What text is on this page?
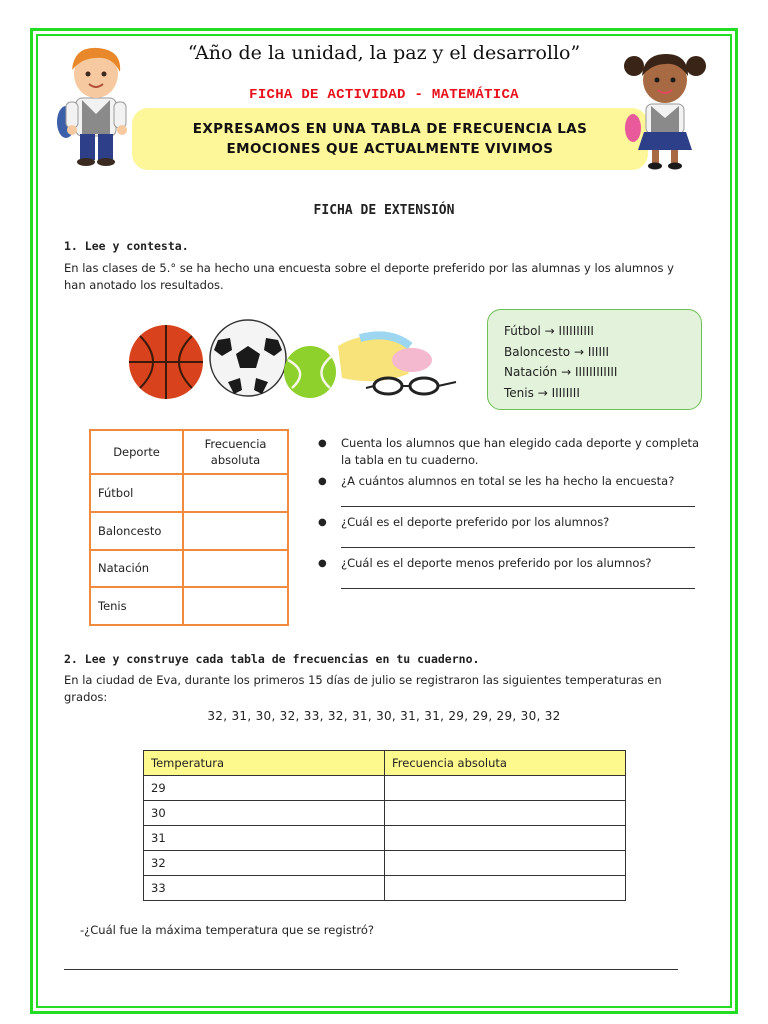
“Año de la unidad, la paz y el desarrollo”
FICHA DE ACTIVIDAD - MATEMÁTICA
EXPRESAMOS EN UNA TABLA DE FRECUENCIA LAS
EMOCIONES QUE ACTUALMENTE VIVIMOS
FICHA DE EXTENSIÓN
1. Lee y contesta.
En las clases de 5.° se ha hecho una encuesta sobre el deporte preferido por las alumnas y los alumnos y han anotado los resultados.
Fútbol → IIIIIIIIII
Baloncesto → IIIIII
Natación → IIIIIIIIIIII
Tenis → IIIIIIII
Deporte	Frecuencia absoluta
Fútbol	
Baloncesto	
Natación	
Tenis	
● Cuenta los alumnos que han elegido cada deporte y completa la tabla en tu cuaderno.
● ¿A cuántos alumnos en total se les ha hecho la encuesta?
● ¿Cuál es el deporte preferido por los alumnos?
● ¿Cuál es el deporte menos preferido por los alumnos?
2. Lee y construye cada tabla de frecuencias en tu cuaderno.
En la ciudad de Eva, durante los primeros 15 días de julio se registraron las siguientes temperaturas en grados:
32, 31, 30, 32, 33, 32, 31, 30, 31, 31, 29, 29, 29, 30, 32
Temperatura	Frecuencia absoluta
29	
30	
31	
32	
33	
-¿Cuál fue la máxima temperatura que se registró?
